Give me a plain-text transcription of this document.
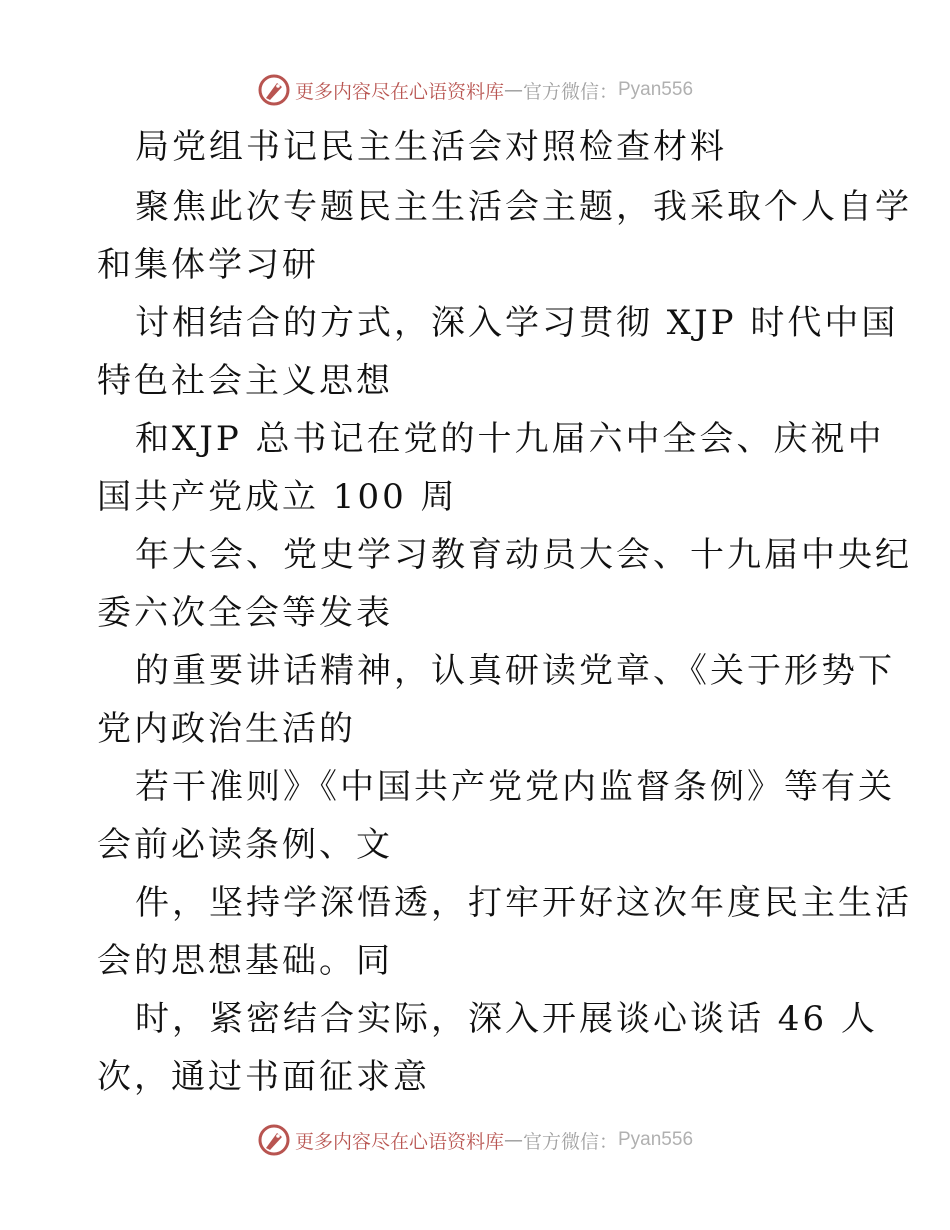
更多内容尽在心语资料库 — 官方微信： Pyan556
局党组书记民主生活会对照检查材料
聚焦此次专题民主生活会主题，我采取个人自学
和集体学习研
讨相结合的方式，深入学习贯彻 XJP 时代中国
特色社会主义思想
和XJP 总书记在党的十九届六中全会、庆祝中
国共产党成立 100 周
年大会、党史学习教育动员大会、十九届中央纪
委六次全会等发表
的重要讲话精神，认真研读党章、《关于形势下
党内政治生活的
若干准则》《中国共产党党内监督条例》等有关
会前必读条例、文
件，坚持学深悟透，打牢开好这次年度民主生活
会的思想基础。同
时，紧密结合实际，深入开展谈心谈话 46 人
次，通过书面征求意
更多内容尽在心语资料库 — 官方微信： Pyan556
